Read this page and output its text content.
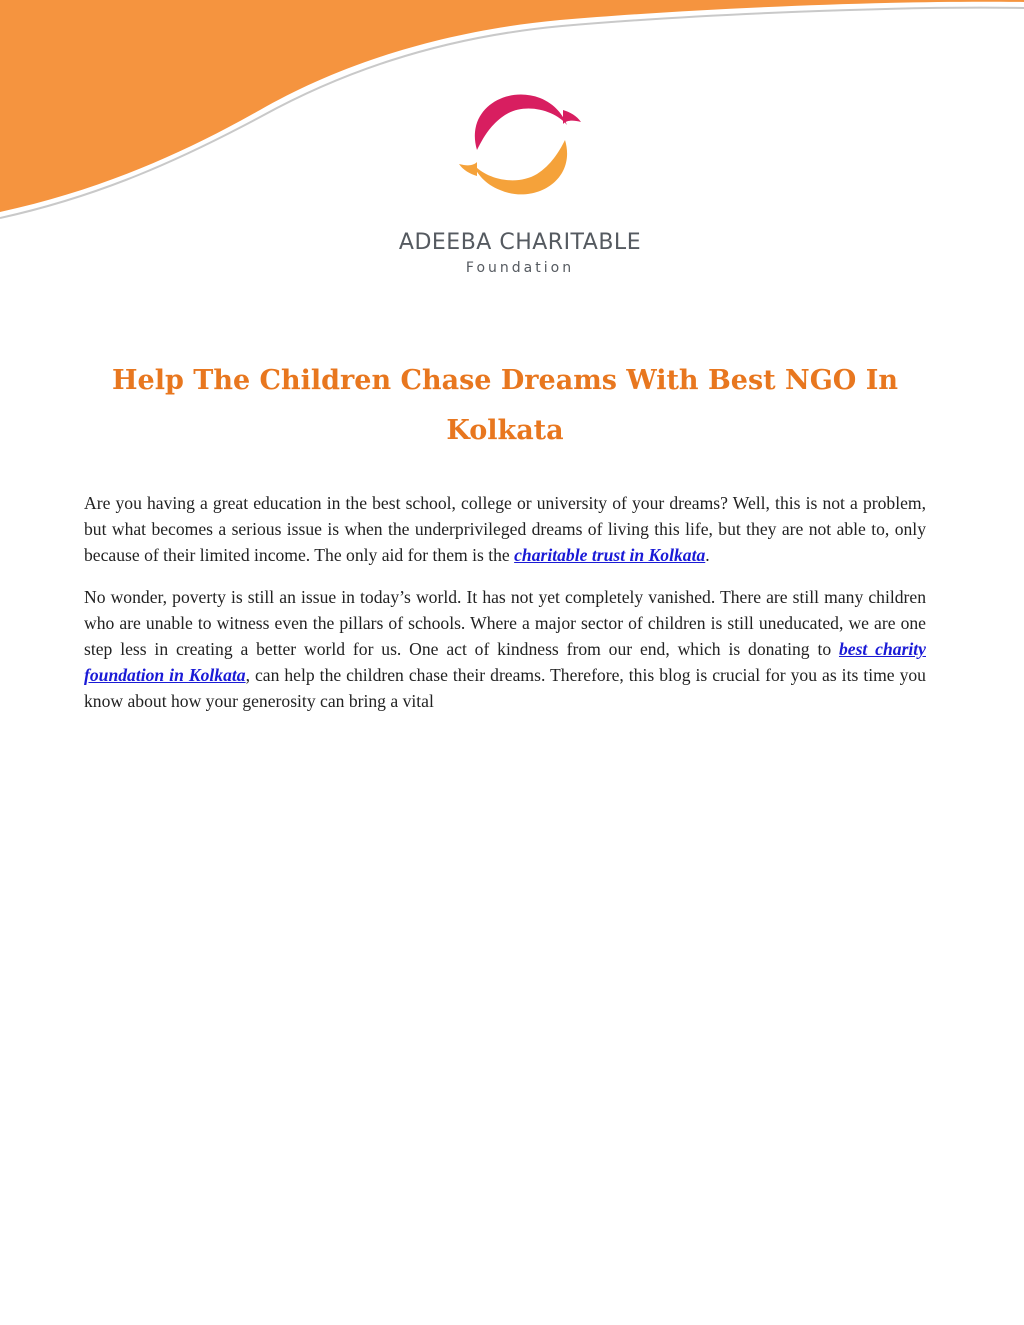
ADEEBA CHARITABLE
Foundation
Help The Children Chase Dreams With Best NGO In Kolkata

Are you having a great education in the best school, college or university of your dreams? Well, this is not a problem, but what becomes a serious issue is when the underprivileged dreams of living this life, but they are not able to, only because of their limited income. The only aid for them is the charitable trust in Kolkata.

No wonder, poverty is still an issue in today’s world. It has not yet completely vanished. There are still many children who are unable to witness even the pillars of schools. Where a major sector of children is still uneducated, we are one step less in creating a better world for us. One act of kindness from our end, which is donating to best charity foundation in Kolkata, can help the children chase their dreams. Therefore, this blog is crucial for you as its time you know about how your generosity can bring a vital
